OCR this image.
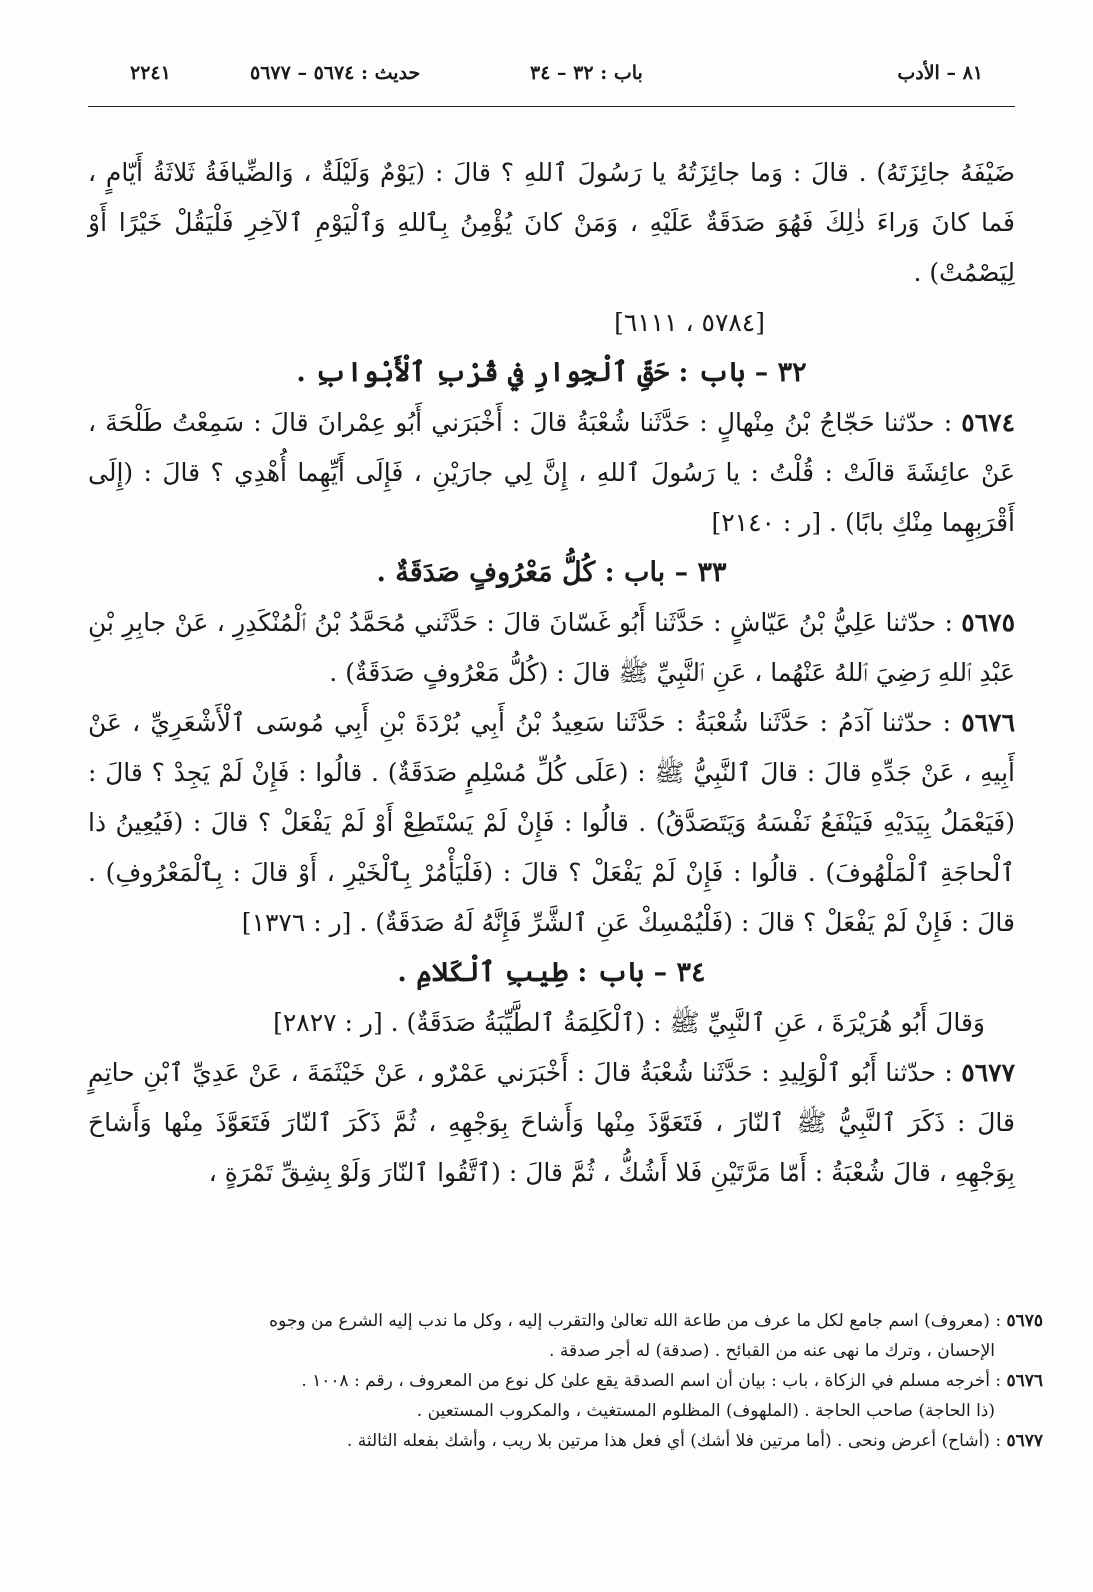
٨١ – الأدب
باب : ٣٢ – ٣٤
حديث : ٥٦٧٤ – ٥٦٧٧
٢٢٤١

ضَيْفَهُ جائِزَتَهُ) . قالَ : وَما جائِزَتُهُ يا رَسُولَ ٱللهِ ؟ قالَ : (يَوْمٌ وَلَيْلَةٌ ، وَالضِّيافَةُ ثَلاثَةُ أَيّامٍ ، فَما كانَ وَراءَ ذٰلِكَ فَهُوَ صَدَقَةٌ عَلَيْهِ ، وَمَنْ كانَ يُؤْمِنُ بِٱللهِ وَٱلْيَوْمِ ٱلآخِرِ فَلْيَقُلْ خَيْرًا أَوْ لِيَصْمُتْ) .

[٥٧٨٤ ، ٦١١١]

٣٢ – باب : حَقِّ ٱلْجِوارِ في قُرْبِ ٱلْأَبْوابِ .

٥٦٧٤ : حدّثنا حَجّاجُ بْنُ مِنْهالٍ : حَدَّثَنا شُعْبَةُ قالَ : أَخْبَرَني أَبُو عِمْرانَ قالَ : سَمِعْتُ طَلْحَةَ ، عَنْ عائِشَةَ قالَتْ : قُلْتُ : يا رَسُولَ ٱللهِ ، إِنَّ لِي جارَيْنِ ، فَإِلَى أَيِّهِما أُهْدِي ؟ قالَ : (إِلَى أَقْرَبِهِما مِنْكِ بابًا) . [ر : ٢١٤٠]

٣٣ – باب : كُلُّ مَعْرُوفٍ صَدَقَةٌ .

٥٦٧٥ : حدّثنا عَلِيُّ بْنُ عَيّاشٍ : حَدَّثَنا أَبُو غَسّانَ قالَ : حَدَّثَني مُحَمَّدُ بْنُ ٱلْمُنْكَدِرِ ، عَنْ جابِرِ بْنِ عَبْدِ ٱللهِ رَضِيَ ٱللهُ عَنْهُما ، عَنِ ٱلنَّبِيِّ ﷺ قالَ : (كُلُّ مَعْرُوفٍ صَدَقَةٌ) .

٥٦٧٦ : حدّثنا آدَمُ : حَدَّثَنا شُعْبَةُ : حَدَّثَنا سَعِيدُ بْنُ أَبِي بُرْدَةَ بْنِ أَبِي مُوسَى ٱلْأَشْعَرِيِّ ، عَنْ أَبِيهِ ، عَنْ جَدِّهِ قالَ : قالَ ٱلنَّبِيُّ ﷺ : (عَلَى كُلِّ مُسْلِمٍ صَدَقَةٌ) . قالُوا : فَإِنْ لَمْ يَجِدْ ؟ قالَ : (فَيَعْمَلُ بِيَدَيْهِ فَيَنْفَعُ نَفْسَهُ وَيَتَصَدَّقُ) . قالُوا : فَإِنْ لَمْ يَسْتَطِعْ أَوْ لَمْ يَفْعَلْ ؟ قالَ : (فَيُعِينُ ذا ٱلْحاجَةِ ٱلْمَلْهُوفَ) . قالُوا : فَإِنْ لَمْ يَفْعَلْ ؟ قالَ : (فَلْيَأْمُرْ بِٱلْخَيْرِ ، أَوْ قالَ : بِٱلْمَعْرُوفِ) . قالَ : فَإِنْ لَمْ يَفْعَلْ ؟ قالَ : (فَلْيُمْسِكْ عَنِ ٱلشَّرِّ فَإِنَّهُ لَهُ صَدَقَةٌ) . [ر : ١٣٧٦]

٣٤ – باب : طِيبِ ٱلْكَلامِ .

وَقالَ أَبُو هُرَيْرَةَ ، عَنِ ٱلنَّبِيِّ ﷺ : (ٱلْكَلِمَةُ ٱلطَّيِّبَةُ صَدَقَةٌ) . [ر : ٢٨٢٧]

٥٦٧٧ : حدّثنا أَبُو ٱلْوَلِيدِ : حَدَّثَنا شُعْبَةُ قالَ : أَخْبَرَني عَمْرٌو ، عَنْ خَيْثَمَةَ ، عَنْ عَدِيِّ ٱبْنِ حاتِمٍ قالَ : ذَكَرَ ٱلنَّبِيُّ ﷺ ٱلنّارَ ، فَتَعَوَّذَ مِنْها وَأَشاحَ بِوَجْهِهِ ، ثُمَّ ذَكَرَ ٱلنّارَ فَتَعَوَّذَ مِنْها وَأَشاحَ بِوَجْهِهِ ، قالَ شُعْبَةُ : أَمّا مَرَّتَيْنِ فَلا أَشُكُّ ، ثُمَّ قالَ : (ٱتَّقُوا ٱلنّارَ وَلَوْ بِشِقِّ تَمْرَةٍ ،

٥٦٧٥ : (معروف) اسم جامع لكل ما عرف من طاعة الله تعالىٰ والتقرب إليه ، وكل ما ندب إليه الشرع من وجوه

الإحسان ، وترك ما نهى عنه من القبائح . (صدقة) له أجر صدقة .

٥٦٧٦ : أخرجه مسلم في الزكاة ، باب : بيان أن اسم الصدقة يقع علىٰ كل نوع من المعروف ، رقم : ١٠٠٨ .

(ذا الحاجة) صاحب الحاجة . (الملهوف) المظلوم المستغيث ، والمكروب المستعين .

٥٦٧٧ : (أشاح) أعرض ونحى . (أما مرتين فلا أشك) أي فعل هذا مرتين بلا ريب ، وأشك بفعله الثالثة .
